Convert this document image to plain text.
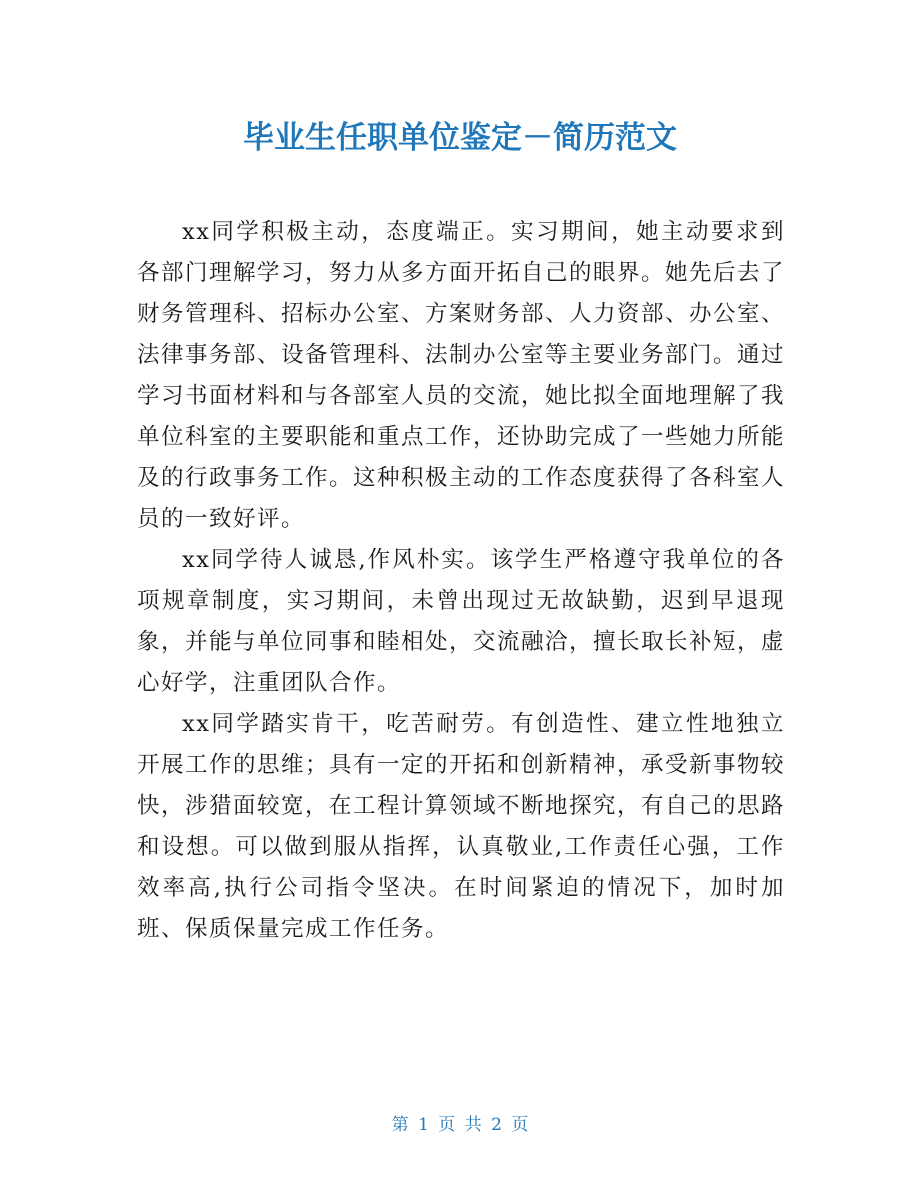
毕业生任职单位鉴定－简历范文

xx同学积极主动，态度端正。实习期间，她主动要求到各部门理解学习，努力从多方面开拓自己的眼界。她先后去了财务管理科、招标办公室、方案财务部、人力资部、办公室、法律事务部、设备管理科、法制办公室等主要业务部门。通过学习书面材料和与各部室人员的交流，她比拟全面地理解了我单位科室的主要职能和重点工作，还协助完成了一些她力所能及的行政事务工作。这种积极主动的工作态度获得了各科室人员的一致好评。

xx同学待人诚恳,作风朴实。该学生严格遵守我单位的各项规章制度，实习期间，未曾出现过无故缺勤，迟到早退现象，并能与单位同事和睦相处，交流融洽，擅长取长补短，虚心好学，注重团队合作。

xx同学踏实肯干，吃苦耐劳。有创造性、建立性地独立开展工作的思维；具有一定的开拓和创新精神，承受新事物较快，涉猎面较宽，在工程计算领域不断地探究，有自己的思路和设想。可以做到服从指挥，认真敬业,工作责任心强，工作效率高,执行公司指令坚决。在时间紧迫的情况下，加时加班、保质保量完成工作任务。

第 1 页 共 2 页
